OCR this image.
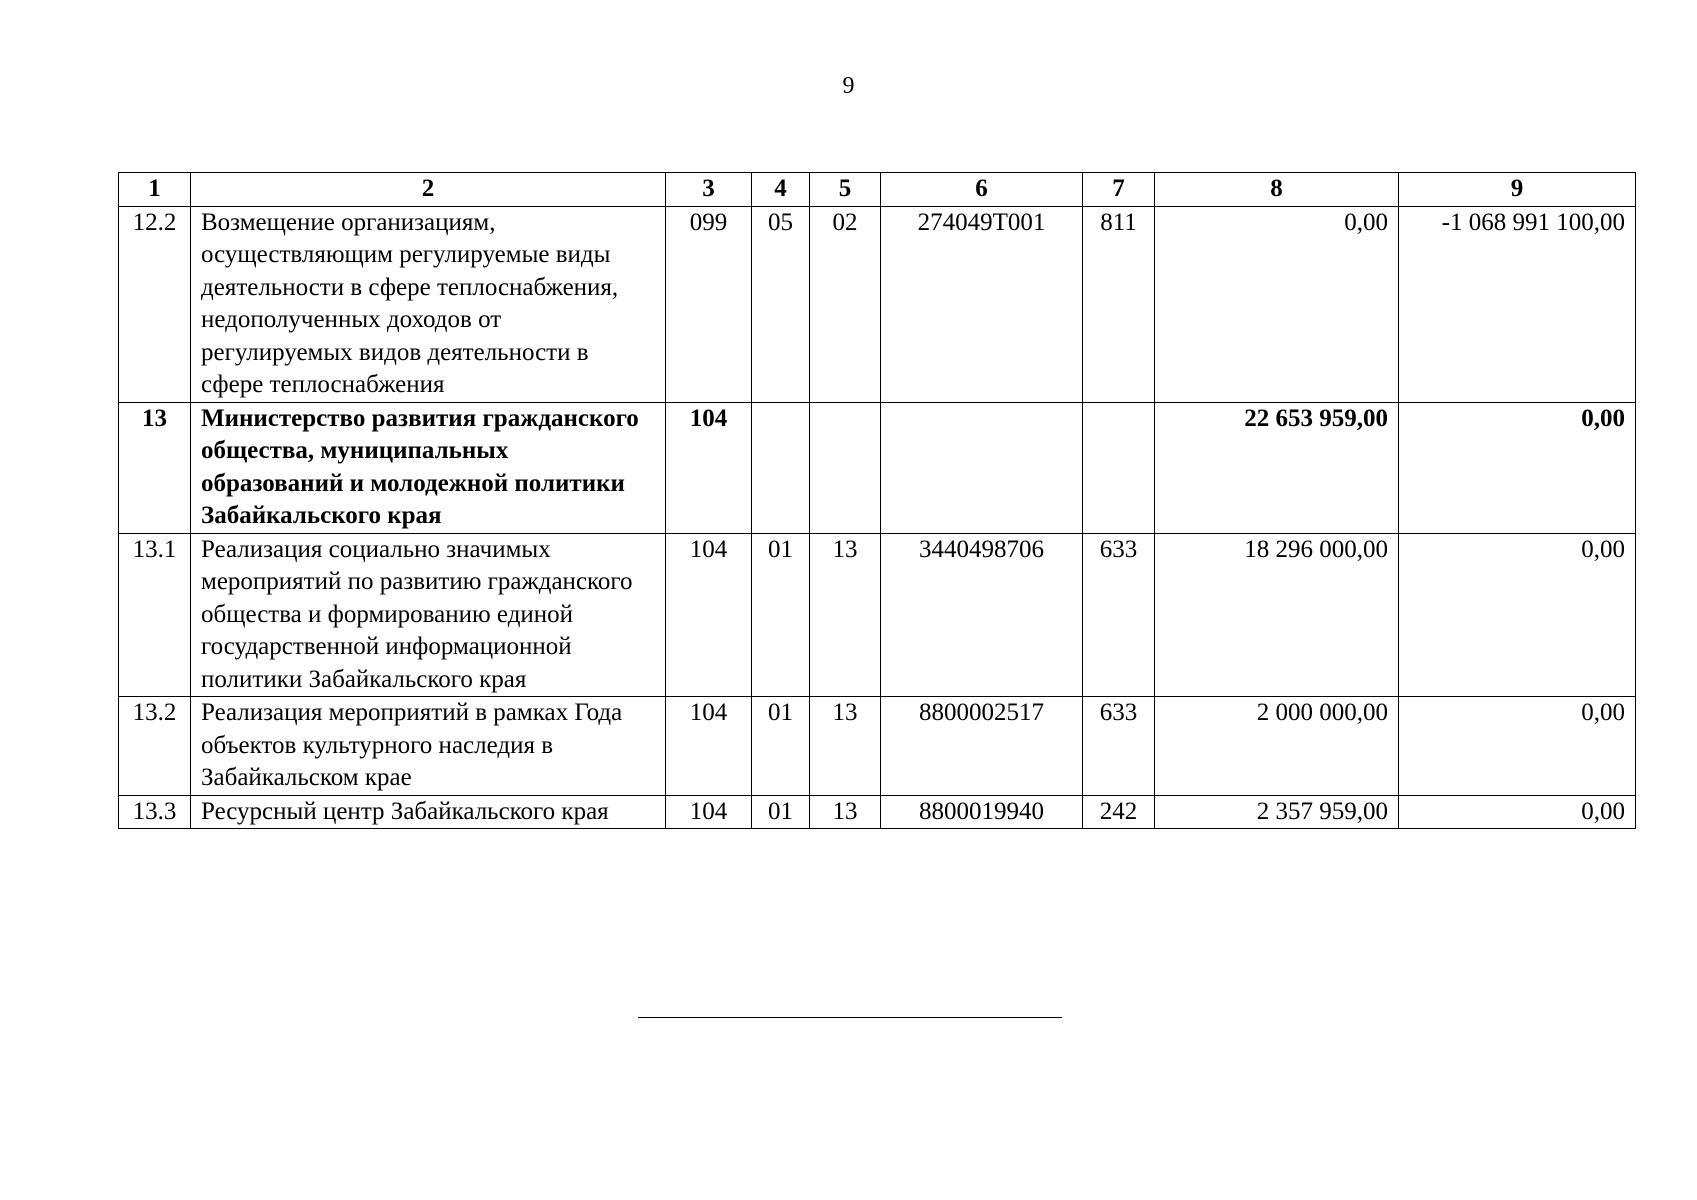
9
1	2	3	4	5	6	7	8	9
12.2	Возмещение организациям, осуществляющим регулируемые виды деятельности в сфере теплоснабжения, недополученных доходов от регулируемых видов деятельности в сфере теплоснабжения	099	05	02	274049Т001	811	0,00	-1 068 991 100,00
13	Министерство развития гражданского общества, муниципальных образований и молодежной политики Забайкальского края	104					22 653 959,00	0,00
13.1	Реализация социально значимых мероприятий по развитию гражданского общества и формированию единой государственной информационной политики Забайкальского края	104	01	13	3440498706	633	18 296 000,00	0,00
13.2	Реализация мероприятий в рамках Года объектов культурного наследия в Забайкальском крае	104	01	13	8800002517	633	2 000 000,00	0,00
13.3	Ресурсный центр Забайкальского края	104	01	13	8800019940	242	2 357 959,00	0,00
